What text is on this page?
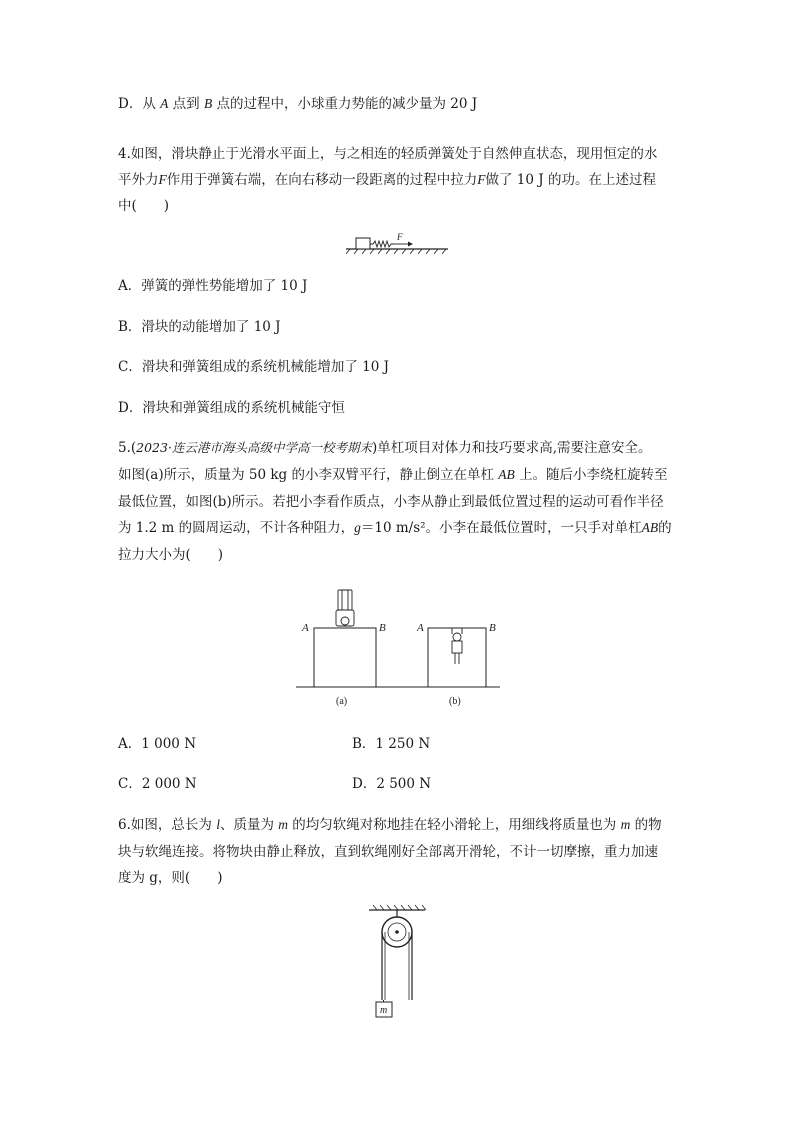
D．从 A 点到 B 点的过程中，小球重力势能的减少量为 20 J
4.如图，滑块静止于光滑水平面上，与之相连的轻质弹簧处于自然伸直状态，现用恒定的水
平外力F作用于弹簧右端，在向右移动一段距离的过程中拉力F做了 10 J 的功。在上述过程
中(　　)
F
A．弹簧的弹性势能增加了 10 J
B．滑块的动能增加了 10 J
C．滑块和弹簧组成的系统机械能增加了 10 J
D．滑块和弹簧组成的系统机械能守恒
5.(2023·连云港市海头高级中学高一校考期末)单杠项目对体力和技巧要求高,需要注意安全。
如图(a)所示，质量为 50 kg 的小李双臂平行，静止倒立在单杠 AB 上。随后小李绕杠旋转至
最低位置，如图(b)所示。若把小李看作质点，小李从静止到最低位置过程的运动可看作半径
为 1.2 m 的圆周运动，不计各种阻力，g＝10 m/s²。小李在最低位置时，一只手对单杠AB的
拉力大小为(　　)
A	B
(a)
A	B
(b)
A．1 000 N	B．1 250 N
C．2 000 N	D．2 500 N
6.如图，总长为 l、质量为 m 的均匀软绳对称地挂在轻小滑轮上，用细线将质量也为 m 的物
块与软绳连接。将物块由静止释放，直到软绳刚好全部离开滑轮，不计一切摩擦，重力加速
度为 g，则(　　)
m
